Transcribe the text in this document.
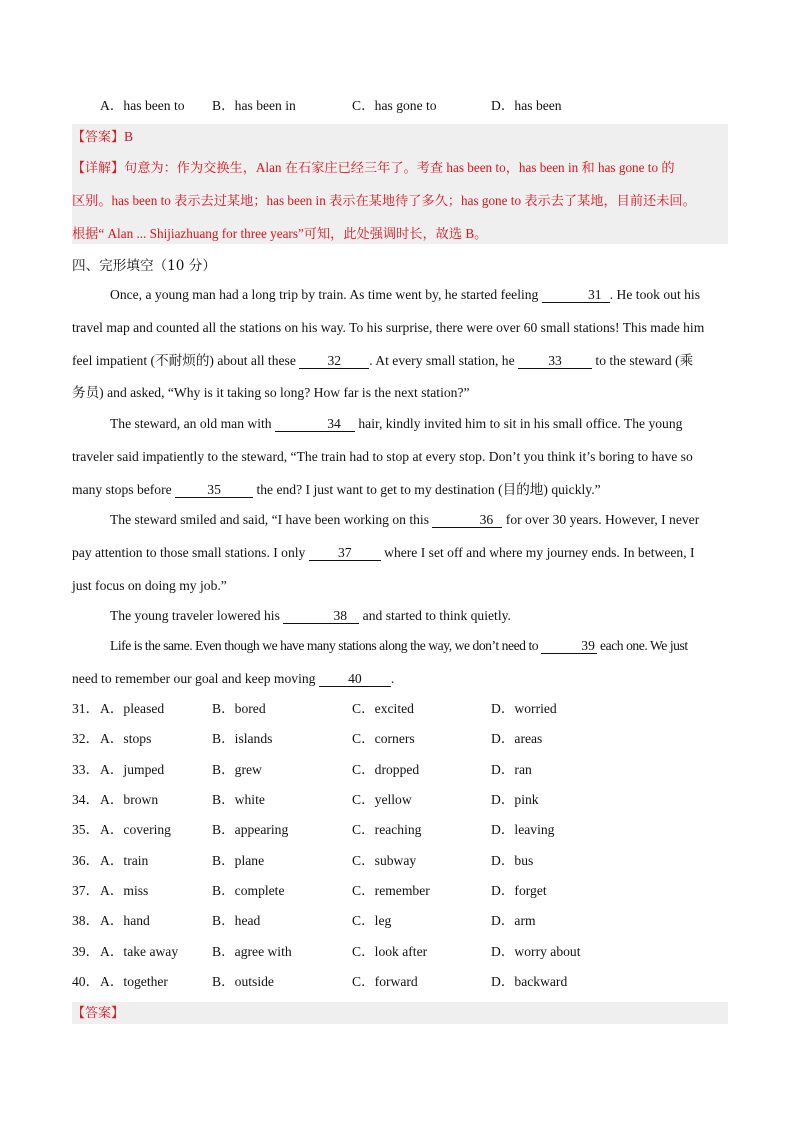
A．has been to B．has been in	C．has gone to	D．has been
【答案】B
【详解】句意为：作为交换生，Alan 在石家庄已经三年了。考查 has been to，has been in 和 has gone to 的
区别。has been to 表示去过某地；has been in 表示在某地待了多久；has gone to 表示去了某地，目前还未回。
根据“ Alan ... Shijiazhuang for three years”可知，此处强调时长，故选 B。
四、完形填空（10 分）
Once, a young man had a long trip by train. As time went by, he started feeling	31 . He took out his
travel map and counted all the stations on his way. To his surprise, there were over 60 small stations! This made him
feel impatient (不耐烦的) about all these 32 . At every small station, he 33 to the steward (乘
务员) and asked, “Why is it taking so long? How far is the next station?”
The steward, an old man with	34 hair, kindly invited him to sit in his small office. The young
traveler said impatiently to the steward, “The train had to stop at every stop. Don’t you think it’s boring to have so
many stops before 35 the end? I just want to get to my destination (目的地) quickly.”
The steward smiled and said, “I have been working on this	36 for over 30 years. However, I never
pay attention to those small stations. I only 37 where I set off and where my journey ends. In between, I
just focus on doing my job.”
The young traveler lowered his	38 and started to think quietly.
Life is the same. Even though we have many stations along the way, we don’t need to	39 each one. We just
need to remember our goal and keep moving 40 .
31． A．pleased	B．bored	C．excited	D．worried
32． A．stops	B．islands	C．corners	D．areas
33． A．jumped	B．grew	C．dropped	D．ran
34． A．brown	B．white	C．yellow	D．pink
35． A．covering	B．appearing	C．reaching	D．leaving
36． A．train	B．plane	C．subway	D．bus
37． A．miss	B．complete	C．remember	D．forget
38． A．hand	B．head	C．leg	D．arm
39． A．take away B．agree with	C．look after	D．worry about
40． A．together	B．outside	C．forward	D．backward
【答案】
